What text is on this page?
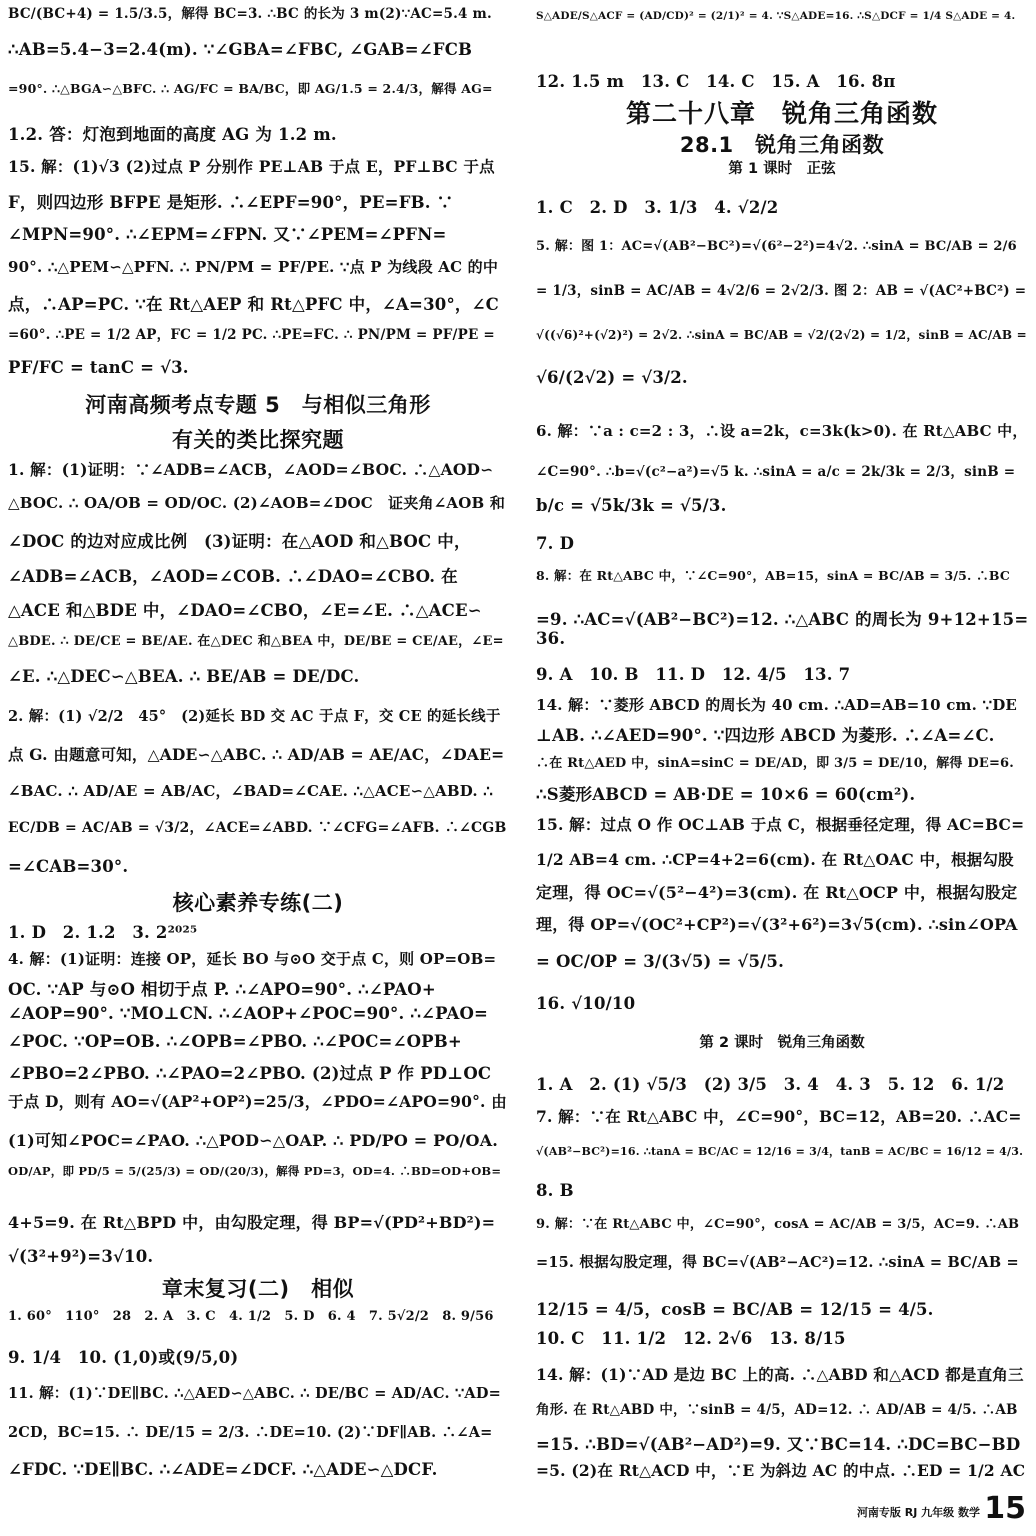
BC/(BC+4) = 1.5/3.5，解得 BC=3. ∴BC 的长为 3 m(2)∵AC=5.4 m.
∴AB=5.4−3=2.4(m). ∵∠GBA=∠FBC, ∠GAB=∠FCB
=90°. ∴△BGA∽△BFC. ∴ AG/FC = BA/BC，即 AG/1.5 = 2.4/3，解得 AG=
1.2. 答：灯泡到地面的高度 AG 为 1.2 m.
15. 解：(1)√3 (2)过点 P 分别作 PE⊥AB 于点 E，PF⊥BC 于点
F，则四边形 BFPE 是矩形. ∴∠EPF=90°，PE=FB. ∵
∠MPN=90°. ∴∠EPM=∠FPN. 又∵∠PEM=∠PFN=
90°. ∴△PEM∽△PFN. ∴ PN/PM = PF/PE. ∵点 P 为线段 AC 的中
点，∴AP=PC. ∵在 Rt△AEP 和 Rt△PFC 中，∠A=30°，∠C
=60°. ∴PE = 1/2 AP，FC = 1/2 PC. ∴PE=FC. ∴ PN/PM = PF/PE =
PF/FC = tanC = √3.
河南高频考点专题 5　与相似三角形
有关的类比探究题
1. 解：(1)证明：∵∠ADB=∠ACB，∠AOD=∠BOC. ∴△AOD∽
△BOC. ∴ OA/OB = OD/OC. (2)∠AOB=∠DOC　证夹角∠AOB 和
∠DOC 的边对应成比例　(3)证明：在△AOD 和△BOC 中，
∠ADB=∠ACB，∠AOD=∠COB. ∴∠DAO=∠CBO. 在
△ACE 和△BDE 中，∠DAO=∠CBO，∠E=∠E. ∴△ACE∽
△BDE. ∴ DE/CE = BE/AE. 在△DEC 和△BEA 中，DE/BE = CE/AE，∠E=
∠E. ∴△DEC∽△BEA. ∴ BE/AB = DE/DC.
2. 解：(1) √2/2　45°　(2)延长 BD 交 AC 于点 F，交 CE 的延长线于
点 G. 由题意可知，△ADE∽△ABC. ∴ AD/AB = AE/AC，∠DAE=
∠BAC. ∴ AD/AE = AB/AC，∠BAD=∠CAE. ∴△ACE∽△ABD. ∴
EC/DB = AC/AB = √3/2，∠ACE=∠ABD. ∵∠CFG=∠AFB. ∴∠CGB
=∠CAB=30°.
核心素养专练(二)
1. D　2. 1.2　3. 2²⁰²⁵
4. 解：(1)证明：连接 OP，延长 BO 与⊙O 交于点 C，则 OP=OB=
OC. ∵AP 与⊙O 相切于点 P. ∴∠APO=90°. ∴∠PAO+
∠AOP=90°. ∵MO⊥CN. ∴∠AOP+∠POC=90°. ∴∠PAO=
∠POC. ∵OP=OB. ∴∠OPB=∠PBO. ∴∠POC=∠OPB+
∠PBO=2∠PBO. ∴∠PAO=2∠PBO. (2)过点 P 作 PD⊥OC
于点 D，则有 AO=√(AP²+OP²)=25/3，∠PDO=∠APO=90°. 由
(1)可知∠POC=∠PAO. ∴△POD∽△OAP. ∴ PD/PO = PO/OA.
OD/AP，即 PD/5 = 5/(25/3) = OD/(20/3)，解得 PD=3，OD=4. ∴BD=OD+OB=
4+5=9. 在 Rt△BPD 中，由勾股定理，得 BP=√(PD²+BD²)=
√(3²+9²)=3√10.
章末复习(二)　相似
1. 60°　110°　28　2. A　3. C　4. 1/2　5. D　6. 4　7. 5√2/2　8. 9/56
9. 1/4　10. (1,0)或(9/5,0)
11. 解：(1)∵DE∥BC. ∴△AED∽△ABC. ∴ DE/BC = AD/AC. ∵AD=
2CD，BC=15. ∴ DE/15 = 2/3. ∴DE=10. (2)∵DF∥AB. ∴∠A=
∠FDC. ∵DE∥BC. ∴∠ADE=∠DCF. ∴△ADE∽△DCF.
S△ADE/S△ACF = (AD/CD)² = (2/1)² = 4. ∵S△ADE=16. ∴S△DCF = 1/4 S△ADE = 4.
12. 1.5 m　13. C　14. C　15. A　16. 8π
第二十八章　锐角三角函数
28.1　锐角三角函数
第 1 课时　正弦
1. C　2. D　3. 1/3　4. √2/2
5. 解：图 1：AC=√(AB²−BC²)=√(6²−2²)=4√2. ∴sinA = BC/AB = 2/6
= 1/3，sinB = AC/AB = 4√2/6 = 2√2/3. 图 2：AB = √(AC²+BC²) =
√((√6)²+(√2)²) = 2√2. ∴sinA = BC/AB = √2/(2√2) = 1/2，sinB = AC/AB =
√6/(2√2) = √3/2.
6. 解：∵a : c=2 : 3，∴设 a=2k，c=3k(k>0). 在 Rt△ABC 中，
∠C=90°. ∴b=√(c²−a²)=√5 k. ∴sinA = a/c = 2k/3k = 2/3，sinB =
b/c = √5k/3k = √5/3.
7. D
8. 解：在 Rt△ABC 中，∵∠C=90°，AB=15，sinA = BC/AB = 3/5. ∴BC
=9. ∴AC=√(AB²−BC²)=12. ∴△ABC 的周长为 9+12+15=
36.
9. A　10. B　11. D　12. 4/5　13. 7
14. 解：∵菱形 ABCD 的周长为 40 cm. ∴AD=AB=10 cm. ∵DE
⊥AB. ∴∠AED=90°. ∵四边形 ABCD 为菱形. ∴∠A=∠C.
∴在 Rt△AED 中，sinA=sinC = DE/AD，即 3/5 = DE/10，解得 DE=6.
∴S菱形ABCD = AB·DE = 10×6 = 60(cm²).
15. 解：过点 O 作 OC⊥AB 于点 C，根据垂径定理，得 AC=BC=
1/2 AB=4 cm. ∴CP=4+2=6(cm). 在 Rt△OAC 中，根据勾股
定理，得 OC=√(5²−4²)=3(cm). 在 Rt△OCP 中，根据勾股定
理，得 OP=√(OC²+CP²)=√(3²+6²)=3√5(cm). ∴sin∠OPA
= OC/OP = 3/(3√5) = √5/5.
16. √10/10
第 2 课时　锐角三角函数
1. A　2. (1) √5/3　(2) 3/5　3. 4　4. 3　5. 12　6. 1/2
7. 解：∵在 Rt△ABC 中，∠C=90°，BC=12，AB=20. ∴AC=
√(AB²−BC²)=16. ∴tanA = BC/AC = 12/16 = 3/4，tanB = AC/BC = 16/12 = 4/3.
8. B
9. 解：∵在 Rt△ABC 中，∠C=90°，cosA = AC/AB = 3/5，AC=9. ∴AB
=15. 根据勾股定理，得 BC=√(AB²−AC²)=12. ∴sinA = BC/AB =
12/15 = 4/5，cosB = BC/AB = 12/15 = 4/5.
10. C　11. 1/2　12. 2√6　13. 8/15
14. 解：(1)∵AD 是边 BC 上的高. ∴△ABD 和△ACD 都是直角三
角形. 在 Rt△ABD 中，∵sinB = 4/5，AD=12. ∴ AD/AB = 4/5. ∴AB
=15. ∴BD=√(AB²−AD²)=9. 又∵BC=14. ∴DC=BC−BD
=5. (2)在 Rt△ACD 中，∵E 为斜边 AC 的中点. ∴ED = 1/2 AC
河南专版 RJ 九年级 数学 15
